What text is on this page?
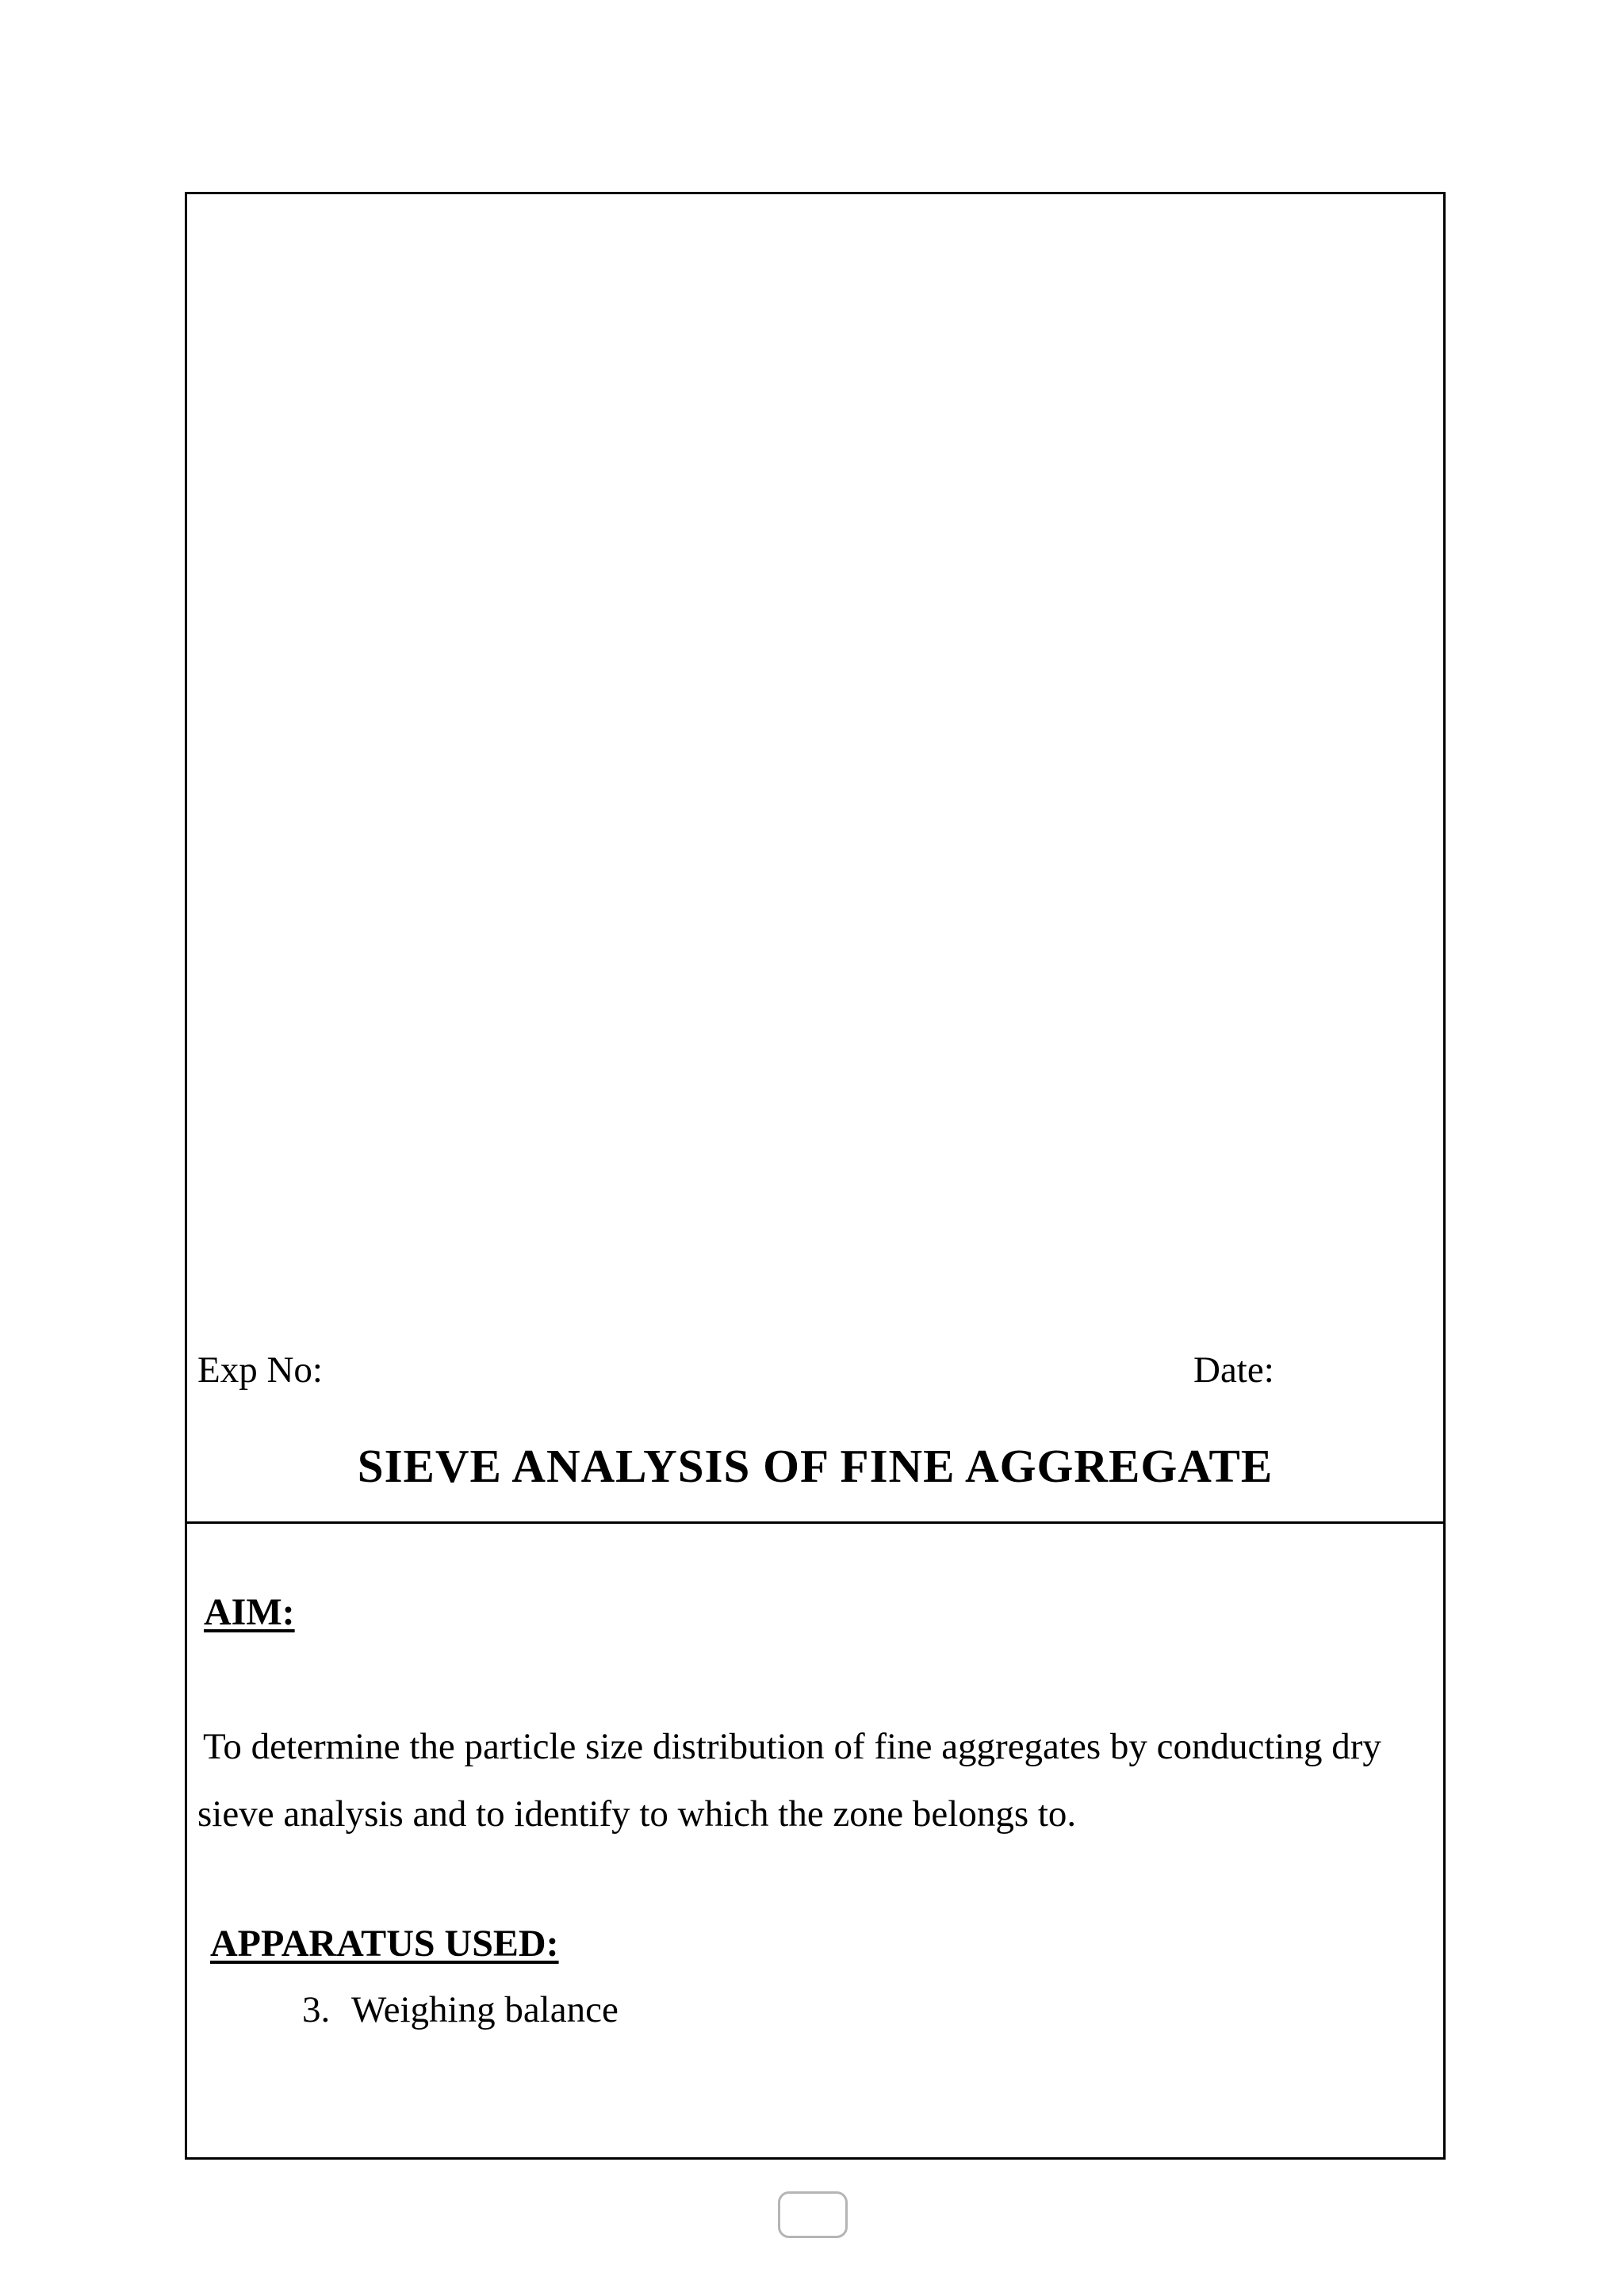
Exp No:	Date:
SIEVE ANALYSIS OF FINE AGGREGATE
AIM:
To determine the particle size distribution of fine aggregates by conducting dry
sieve analysis and to identify to which the zone belongs to.
APPARATUS USED:
3. Weighing balance
